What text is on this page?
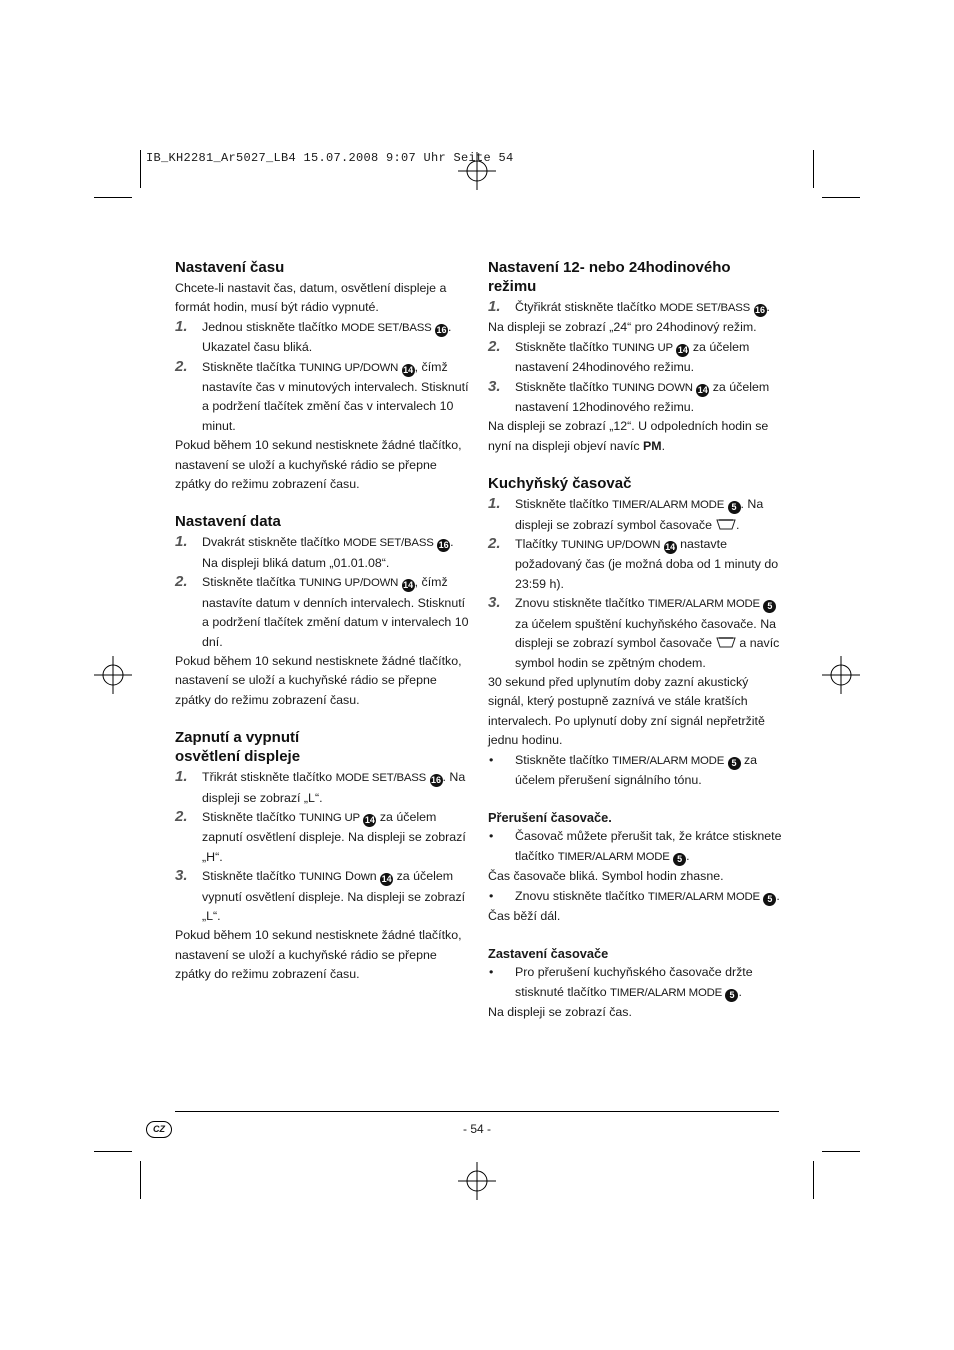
IB_KH2281_Ar5027_LB4 15.07.2008 9:07 Uhr Seite 54
Nastavení času

Chcete-li nastavit čas, datum, osvětlení displeje a formát hodin, musí být rádio vypnuté.

1. Jednou stiskněte tlačítko MODE SET/BASS 16 . Ukazatel času bliká.
2. Stiskněte tlačítka TUNING UP/DOWN 14 , čímž nastavíte čas v minutových intervalech. Stisknutí a podržení tlačítek změní čas v intervalech 10 minut.

Pokud během 10 sekund nestisknete žádné tlačítko, nastavení se uloží a kuchyňské rádio se přepne zpátky do režimu zobrazení času.

Nastavení data
1. Dvakrát stiskněte tlačítko MODE SET/BASS 16 . Na displeji bliká datum „01.01.08“.
2. Stiskněte tlačítka TUNING UP/DOWN 14 , čímž nastavíte datum v denních intervalech. Stisknutí a podržení tlačítek změní datum v intervalech 10 dní.

Pokud během 10 sekund nestisknete žádné tlačítko, nastavení se uloží a kuchyňské rádio se přepne zpátky do režimu zobrazení času.

Zapnutí a vypnutí osvětlení displeje
1. Třikrát stiskněte tlačítko MODE SET/BASS 16 . Na displeji se zobrazí „L“.
2. Stiskněte tlačítko TUNING UP 14 za účelem zapnutí osvětlení displeje. Na displeji se zobrazí „H“.
3. Stiskněte tlačítko TUNING Down 14 za účelem vypnutí osvětlení displeje. Na displeji se zobrazí „L“.

Pokud během 10 sekund nestisknete žádné tlačítko, nastavení se uloží a kuchyňské rádio se přepne zpátky do režimu zobrazení času.

Nastavení 12- nebo 24hodinového režimu
1. Čtyřikrát stiskněte tlačítko MODE SET/BASS 16 .

Na displeji se zobrazí „24“ pro 24hodinový režim.

2. Stiskněte tlačítko TUNING UP 14 za účelem nastavení 24hodinového režimu.
3. Stiskněte tlačítko TUNING DOWN 14 za účelem nastavení 12hodinového režimu.

Na displeji se zobrazí „12“. U odpoledních hodin se nyní na displeji objeví navíc PM.

Kuchyňský časovač
1. Stiskněte tlačítko TIMER/ALARM MODE 5 . Na displeji se zobrazí symbol časovače .
2. Tlačítky TUNING UP/DOWN 14 nastavte požadovaný čas (je možná doba od 1 minuty do 23:59 h).
3. Znovu stiskněte tlačítko TIMER/ALARM MODE 5 za účelem spuštění kuchyňského časovače. Na displeji se zobrazí symbol časovače a navíc symbol hodin se zpětným chodem.

30 sekund před uplynutím doby zazní akustický signál, který postupně zaznívá ve stále kratších intervalech. Po uplynutí doby zní signál nepřetržitě jednu hodinu.

• Stiskněte tlačítko TIMER/ALARM MODE 5 za účelem přerušení signálního tónu.
Přerušení časovače.
• Časovač můžete přerušit tak, že krátce stisknete tlačítko TIMER/ALARM MODE 5 .

Čas časovače bliká. Symbol hodin zhasne.

• Znovu stiskněte tlačítko TIMER/ALARM MODE 5 .

Čas běží dál.

Zastavení časovače
• Pro přerušení kuchyňského časovače držte stisknuté tlačítko TIMER/ALARM MODE 5 .

Na displeji se zobrazí čas.

CZ	- 54 -
